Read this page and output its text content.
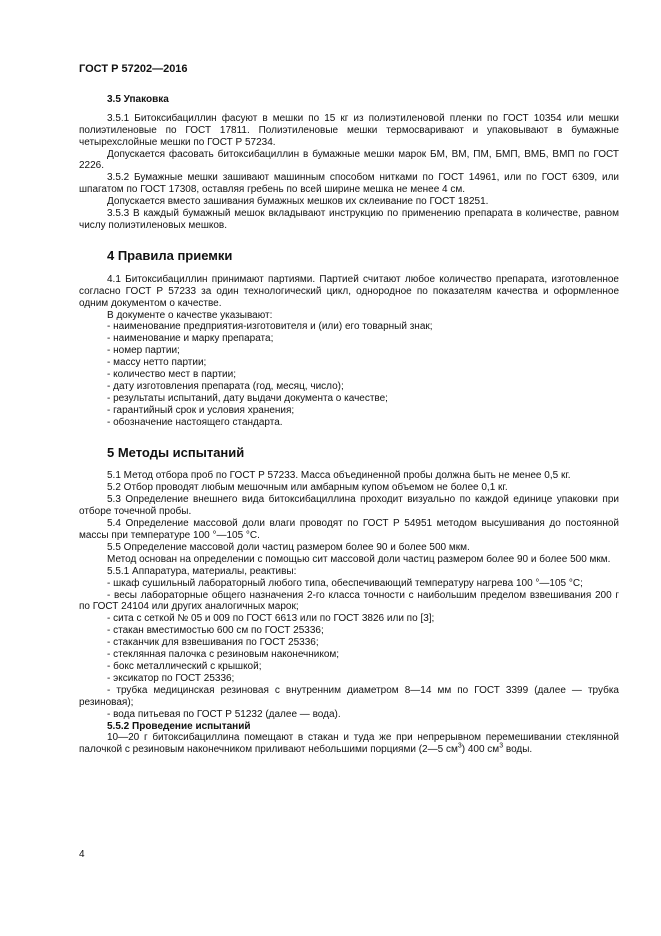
ГОСТ Р 57202—2016
3.5 Упаковка
3.5.1 Битоксибациллин фасуют в мешки по 15 кг из полиэтиленовой пленки по ГОСТ 10354 или мешки полиэтиленовые по ГОСТ 17811. Полиэтиленовые мешки термосваривают и упаковывают в бумажные четырехслойные мешки по ГОСТ Р 57234.
Допускается фасовать битоксибациллин в бумажные мешки марок БМ, ВМ, ПМ, БМП, ВМБ, ВМП по ГОСТ 2226.
3.5.2 Бумажные мешки зашивают машинным способом нитками по ГОСТ 14961, или по ГОСТ 6309, или шпагатом по ГОСТ 17308, оставляя гребень по всей ширине мешка не менее 4 см.
Допускается вместо зашивания бумажных мешков их склеивание по ГОСТ 18251.
3.5.3 В каждый бумажный мешок вкладывают инструкцию по применению препарата в количестве, равном числу полиэтиленовых мешков.
4 Правила приемки
4.1 Битоксибациллин принимают партиями. Партией считают любое количество препарата, изготовленное согласно ГОСТ Р 57233 за один технологический цикл, однородное по показателям качества и оформленное одним документом о качестве.
В документе о качестве указывают:
- наименование предприятия-изготовителя и (или) его товарный знак;
- наименование и марку препарата;
- номер партии;
- массу нетто партии;
- количество мест в партии;
- дату изготовления препарата (год, месяц, число);
- результаты испытаний, дату выдачи документа о качестве;
- гарантийный срок и условия хранения;
- обозначение настоящего стандарта.
5 Методы испытаний
5.1 Метод отбора проб по ГОСТ Р 57233. Масса объединенной пробы должна быть не менее 0,5 кг.
5.2 Отбор проводят любым мешочным или амбарным купом объемом не более 0,1 кг.
5.3 Определение внешнего вида битоксибациллина проходит визуально по каждой единице упаковки при отборе точечной пробы.
5.4 Определение массовой доли влаги проводят по ГОСТ Р 54951 методом высушивания до постоянной массы при температуре 100 °—105 °С.
5.5 Определение массовой доли частиц размером более 90 и более 500 мкм.
Метод основан на определении с помощью сит массовой доли частиц размером более 90 и более 500 мкм.
5.5.1 Аппаратура, материалы, реактивы:
- шкаф сушильный лабораторный любого типа, обеспечивающий температуру нагрева 100 °—105 °С;
- весы лабораторные общего назначения 2-го класса точности с наибольшим пределом взвешивания 200 г по ГОСТ 24104 или других аналогичных марок;
- сита с сеткой № 05 и 009 по ГОСТ 6613 или по ГОСТ 3826 или по [3];
- стакан вместимостью 600 см по ГОСТ 25336;
- стаканчик для взвешивания по ГОСТ 25336;
- стеклянная палочка с резиновым наконечником;
- бокс металлический с крышкой;
- эксикатор по ГОСТ 25336;
- трубка медицинская резиновая с внутренним диаметром 8—14 мм по ГОСТ 3399 (далее — трубка резиновая);
- вода питьевая по ГОСТ Р 51232 (далее — вода).
5.5.2 Проведение испытаний
10—20 г битоксибациллина помещают в стакан и туда же при непрерывном перемешивании стеклянной палочкой с резиновым наконечником приливают небольшими порциями (2—5 $см^3$) 400 $см^3$ воды.
4
